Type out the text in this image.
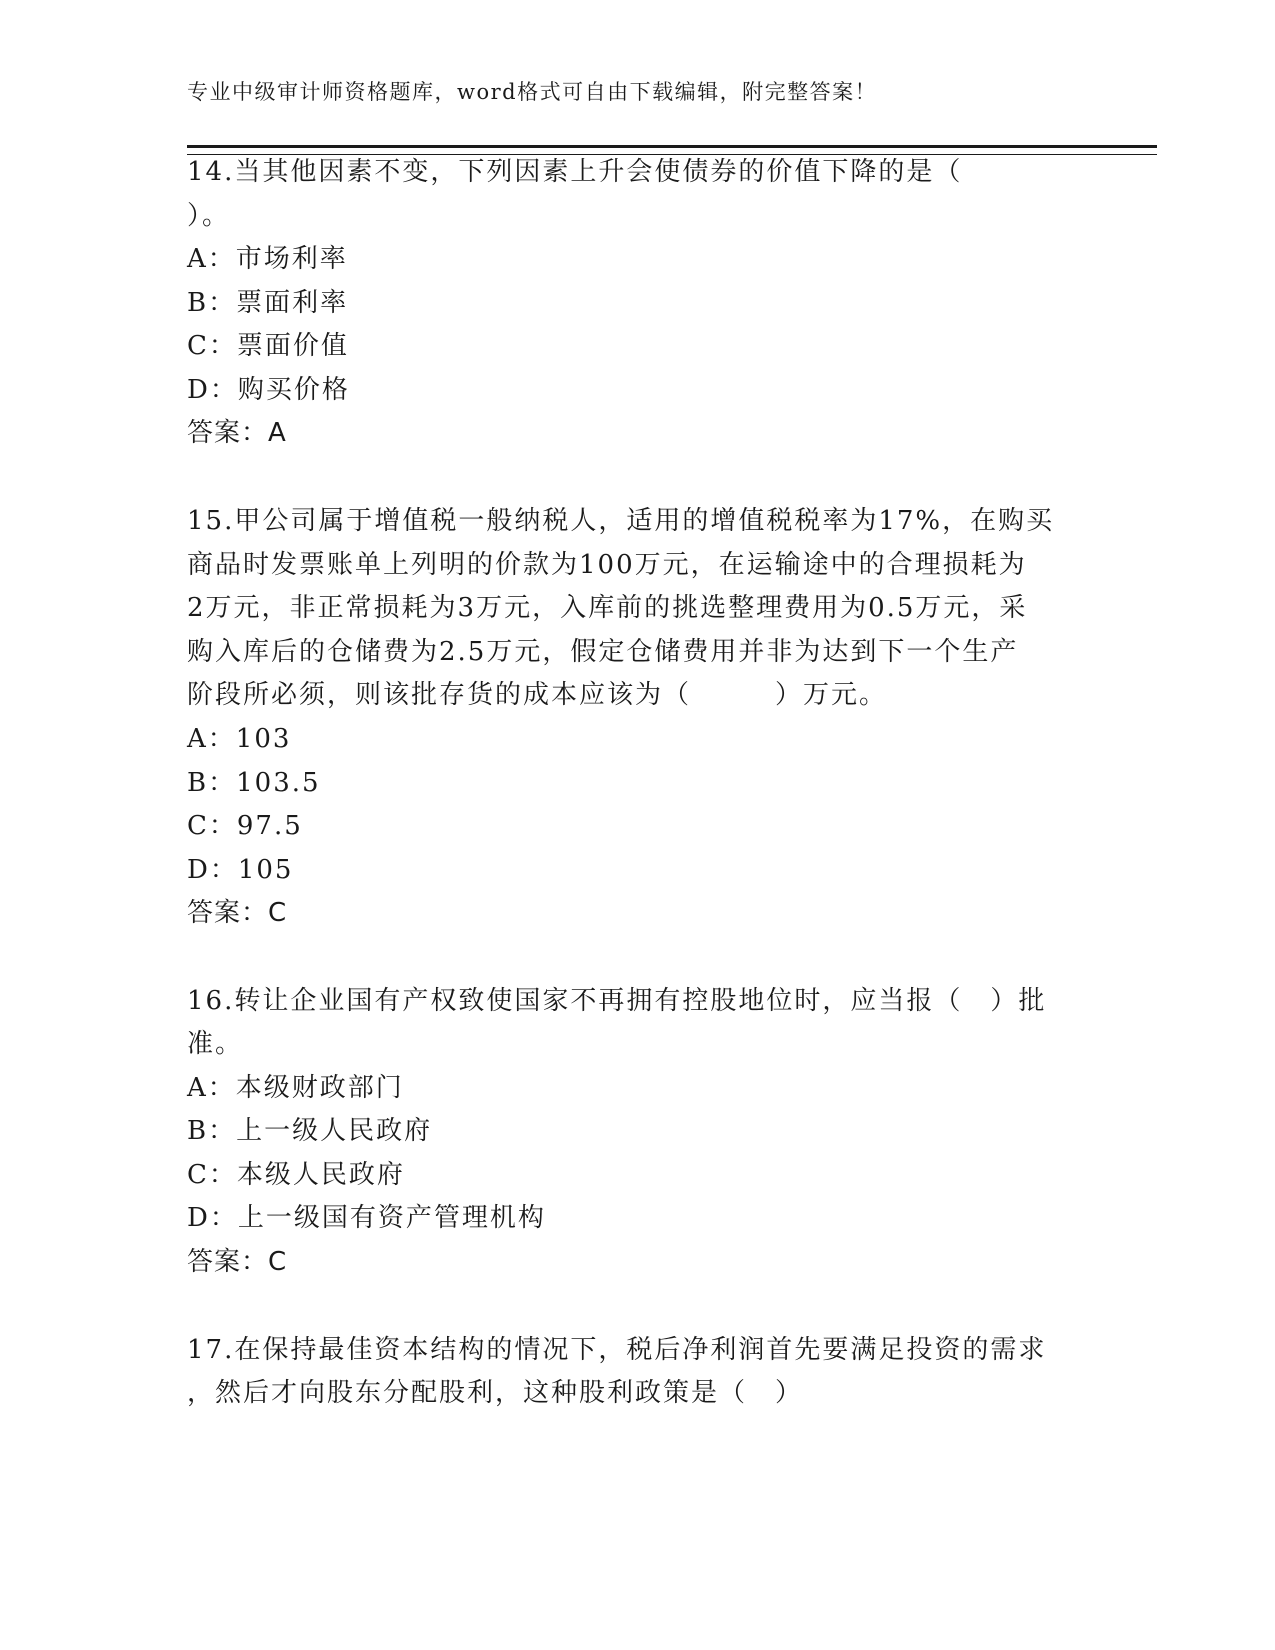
专业中级审计师资格题库，word格式可自由下载编辑，附完整答案！
14.当其他因素不变，下列因素上升会使债券的价值下降的是（
）。
A：市场利率
B：票面利率
C：票面价值
D：购买价格
答案：A
15.甲公司属于增值税一般纳税人，适用的增值税税率为17%，在购买
商品时发票账单上列明的价款为100万元，在运输途中的合理损耗为
2万元，非正常损耗为3万元，入库前的挑选整理费用为0.5万元，采
购入库后的仓储费为2.5万元，假定仓储费用并非为达到下一个生产
阶段所必须，则该批存货的成本应该为（　　　）万元。
A：103
B：103.5
C：97.5
D：105
答案：C
16.转让企业国有产权致使国家不再拥有控股地位时，应当报（　）批
准。
A：本级财政部门
B：上一级人民政府
C：本级人民政府
D：上一级国有资产管理机构
答案：C
17.在保持最佳资本结构的情况下，税后净利润首先要满足投资的需求
，然后才向股东分配股利，这种股利政策是（　）
